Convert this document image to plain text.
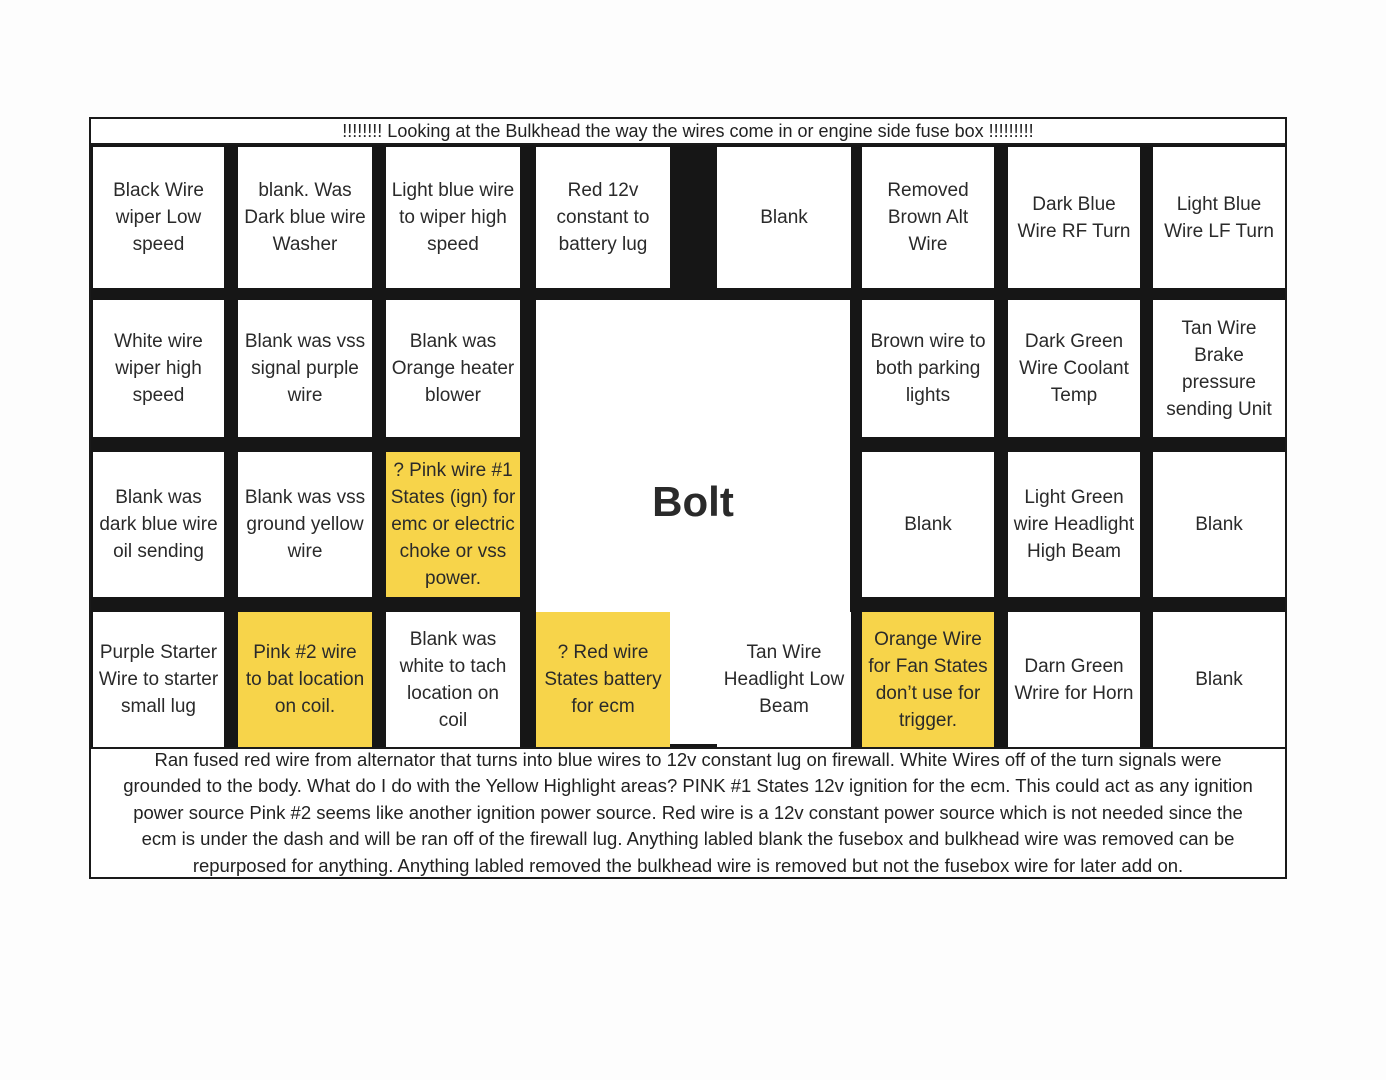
!!!!!!!! Looking at the Bulkhead the way the wires come in or engine side fuse box !!!!!!!!!
Black Wire
wiper Low
speed
blank. Was
Dark blue wire
Washer
Light blue wire
to wiper high
speed
Red 12v
constant to
battery lug
Blank
Removed
Brown Alt
Wire
Dark Blue
Wire RF Turn
Light Blue
Wire LF Turn
White wire
wiper high
speed
Blank was vss
signal purple
wire
Blank was
Orange heater
blower
Brown wire to
both parking
lights
Dark Green
Wire Coolant
Temp
Tan Wire
Brake
pressure
sending Unit
Bolt
Blank was
dark blue wire
oil sending
Blank was vss
ground yellow
wire
? Pink wire #1
States (ign) for
emc or electric
choke or vss
power.
Blank
Light Green
wire Headlight
High Beam
Blank
Purple Starter
Wire to starter
small lug
Pink #2 wire
to bat location
on coil.
Blank was
white to tach
location on
coil
? Red wire
States battery
for ecm
Tan Wire
Headlight Low
Beam
Orange Wire
for Fan States
don’t use for
trigger.
Darn Green
Wrire for Horn
Blank
Ran fused red wire from alternator that turns into blue wires to 12v constant lug on firewall. White Wires off of the turn signals were
grounded to the body. What do I do with the Yellow Highlight areas? PINK #1 States 12v ignition for the ecm. This could act as any ignition
power source Pink #2 seems like another ignition power source. Red wire is a 12v constant power source which is not needed since the
ecm is under the dash and will be ran off of the firewall lug. Anything labled blank the fusebox and bulkhead wire was removed can be
repurposed for anything. Anything labled removed the bulkhead wire is removed but not the fusebox wire for later add on.
